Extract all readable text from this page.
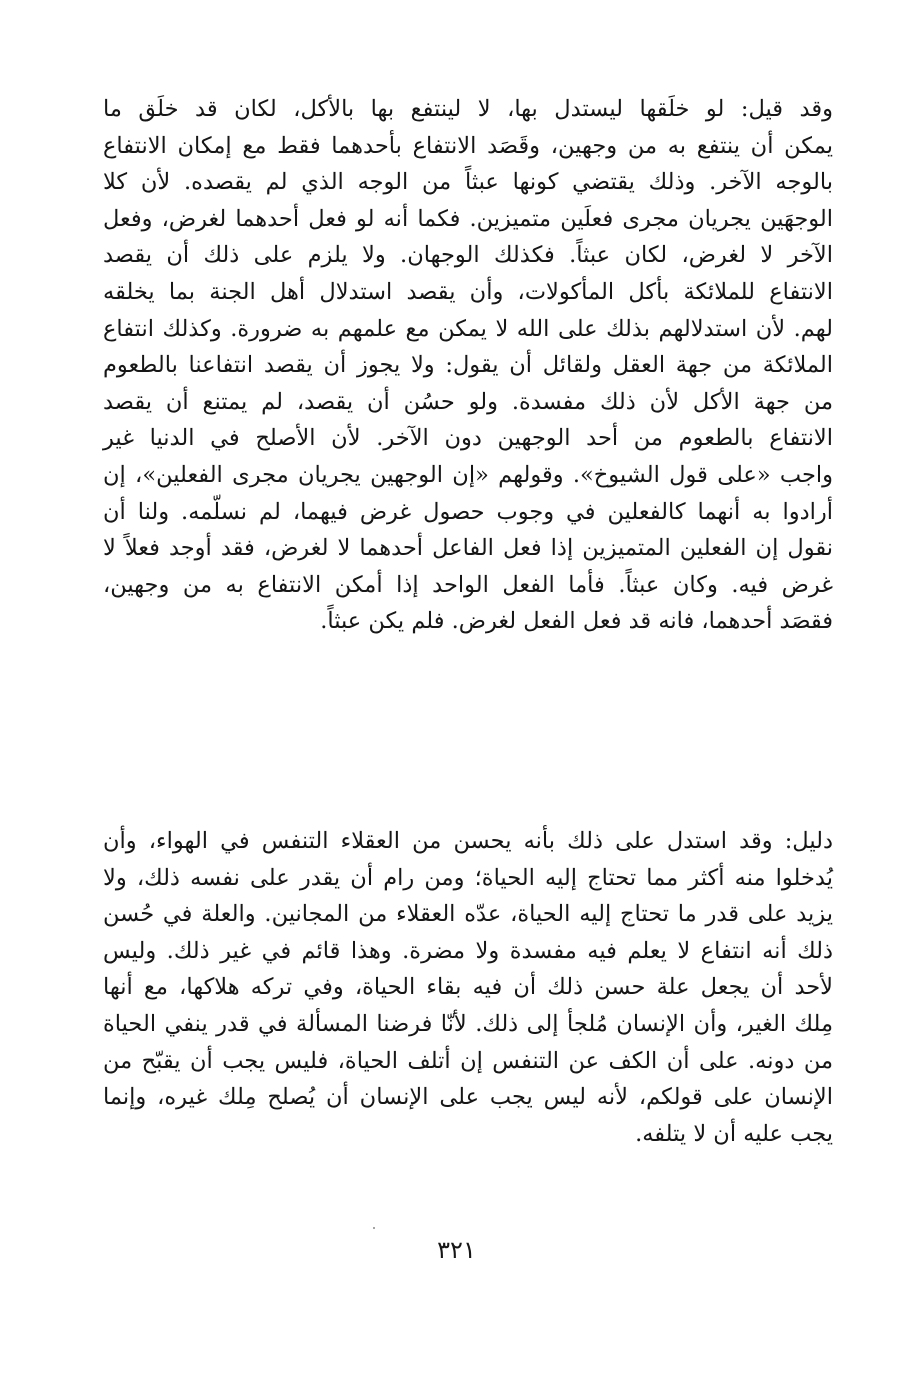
وقد قيل: لو خلَقها ليستدل بها، لا لينتفع بها بالأكل، لكان قد خلَق ما
يمكن أن ينتفع به من وجهين، وقَصَد الانتفاع بأحدهما فقط مع إمكان الانتفاع
بالوجه الآخر. وذلك يقتضي كونها عبثاً من الوجه الذي لم يقصده. لأن كلا
الوجهَين يجريان مجرى فعلَين متميزين. فكما أنه لو فعل أحدهما لغرض، وفعل
الآخر لا لغرض، لكان عبثاً. فكذلك الوجهان. ولا يلزم على ذلك أن يقصد
الانتفاع للملائكة بأكل المأكولات، وأن يقصد استدلال أهل الجنة بما يخلقه
لهم. لأن استدلالهم بذلك على الله لا يمكن مع علمهم به ضرورة. وكذلك انتفاع
الملائكة من جهة العقل ولقائل أن يقول: ولا يجوز أن يقصد انتفاعنا بالطعوم
من جهة الأكل لأن ذلك مفسدة. ولو حسُن أن يقصد، لم يمتنع أن يقصد
الانتفاع بالطعوم من أحد الوجهين دون الآخر. لأن الأصلح في الدنيا غير
واجب «على قول الشيوخ». وقولهم «إن الوجهين يجريان مجرى الفعلين»، إن
أرادوا به أنهما كالفعلين في وجوب حصول غرض فيهما، لم نسلّمه. ولنا أن
نقول إن الفعلين المتميزين إذا فعل الفاعل أحدهما لا لغرض، فقد أوجد فعلاً لا
غرض فيه. وكان عبثاً. فأما الفعل الواحد إذا أمكن الانتفاع به من وجهين،
فقصَد أحدهما، فانه قد فعل الفعل لغرض. فلم يكن عبثاً.
دليل: وقد استدل على ذلك بأنه يحسن من العقلاء التنفس في الهواء، وأن
يُدخلوا منه أكثر مما تحتاج إليه الحياة؛ ومن رام أن يقدر على نفسه ذلك، ولا
يزيد على قدر ما تحتاج إليه الحياة، عدّه العقلاء من المجانين. والعلة في حُسن
ذلك أنه انتفاع لا يعلم فيه مفسدة ولا مضرة. وهذا قائم في غير ذلك. وليس
لأحد أن يجعل علة حسن ذلك أن فيه بقاء الحياة، وفي تركه هلاكها، مع أنها
مِلك الغير، وأن الإنسان مُلجأ إلى ذلك. لأنّا فرضنا المسألة في قدر ينفي الحياة
من دونه. على أن الكف عن التنفس إن أتلف الحياة، فليس يجب أن يقبّح من
الإنسان على قولكم، لأنه ليس يجب على الإنسان أن يُصلح مِلك غيره، وإنما
يجب عليه أن لا يتلفه.
٣٢١
